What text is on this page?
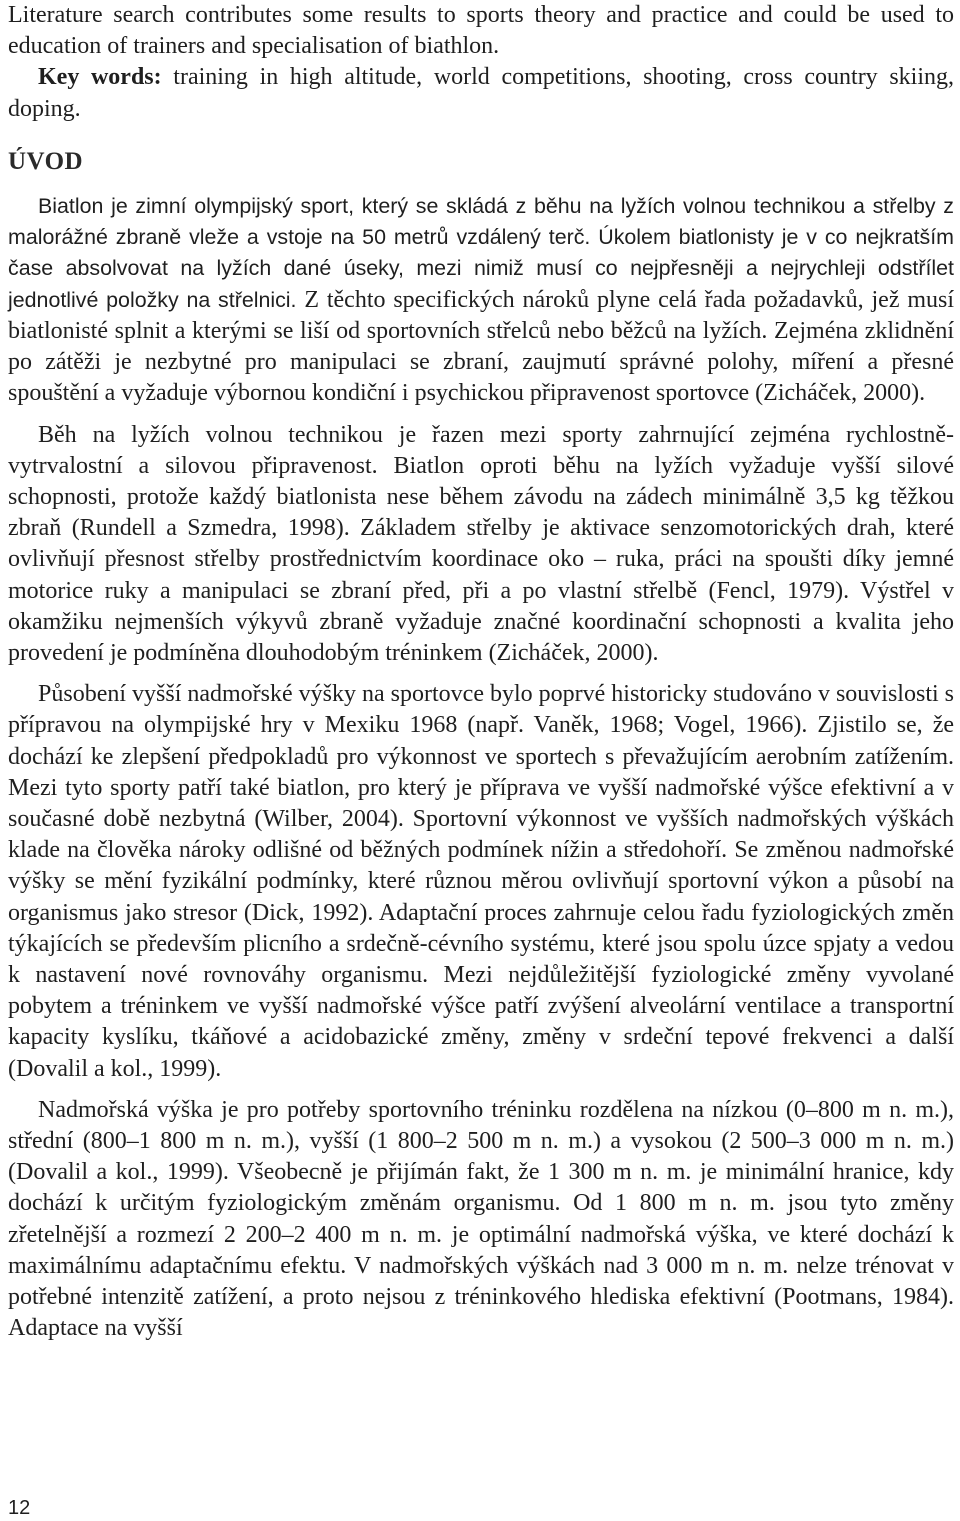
Literature search contributes some results to sports theory and practice and could be used to education of trainers and specialisation of biathlon.

Key words: training in high altitude, world competitions, shooting, cross country skiing, doping.

ÚVOD

Biatlon je zimní olympijský sport, který se skládá z běhu na lyžích volnou technikou a střelby z malorážné zbraně vleže a vstoje na 50 metrů vzdálený terč. Úkolem biatlonisty je v co nejkratším čase absolvovat na lyžích dané úseky, mezi nimiž musí co nejpřesněji a nejrychleji odstřílet jednotlivé položky na střelnici. Z těchto specifických nároků plyne celá řada požadavků, jež musí biatlonisté splnit a kterými se liší od sportovních střelců nebo běžců na lyžích. Zejména zklidnění po zátěži je nezbytné pro manipulaci se zbraní, zaujmutí správné polohy, míření a přesné spouštění a vyžaduje výbornou kondiční i psychickou připravenost sportovce (Zicháček, 2000).

Běh na lyžích volnou technikou je řazen mezi sporty zahrnující zejména rychlostně-vytrvalostní a silovou připravenost. Biatlon oproti běhu na lyžích vyžaduje vyšší silové schopnosti, protože každý biatlonista nese během závodu na zádech minimálně 3,5 kg těžkou zbraň (Rundell a Szmedra, 1998). Základem střelby je aktivace senzomotorických drah, které ovlivňují přesnost střelby prostřednictvím koordinace oko – ruka, práci na spoušti díky jemné motorice ruky a manipulaci se zbraní před, při a po vlastní střelbě (Fencl, 1979). Výstřel v okamžiku nejmenších výkyvů zbraně vyžaduje značné koordinační schopnosti a kvalita jeho provedení je podmíněna dlouhodobým tréninkem (Zicháček, 2000).

Působení vyšší nadmořské výšky na sportovce bylo poprvé historicky studováno v souvislosti s přípravou na olympijské hry v Mexiku 1968 (např. Vaněk, 1968; Vogel, 1966). Zjistilo se, že dochází ke zlepšení předpokladů pro výkonnost ve sportech s převažujícím aerobním zatížením. Mezi tyto sporty patří také biatlon, pro který je příprava ve vyšší nadmořské výšce efektivní a v současné době nezbytná (Wilber, 2004). Sportovní výkonnost ve vyšších nadmořských výškách klade na člověka nároky odlišné od běžných podmínek nížin a středohoří. Se změnou nadmořské výšky se mění fyzikální podmínky, které různou měrou ovlivňují sportovní výkon a působí na organismus jako stresor (Dick, 1992). Adaptační proces zahrnuje celou řadu fyziologických změn týkajících se především plicního a srdečně-cévního systému, které jsou spolu úzce spjaty a vedou k nastavení nové rovnováhy organismu. Mezi nejdůležitější fyziologické změny vyvolané pobytem a tréninkem ve vyšší nadmořské výšce patří zvýšení alveolární ventilace a transportní kapacity kyslíku, tkáňové a acidobazické změny, změny v srdeční tepové frekvenci a další (Dovalil a kol., 1999).

Nadmořská výška je pro potřeby sportovního tréninku rozdělena na nízkou (0–800 m n. m.), střední (800–1 800 m n. m.), vyšší (1 800–2 500 m n. m.) a vysokou (2 500–3 000 m n. m.) (Dovalil a kol., 1999). Všeobecně je přijímán fakt, že 1 300 m n. m. je minimální hranice, kdy dochází k určitým fyziologickým změnám organismu. Od 1 800 m n. m. jsou tyto změny zřetelnější a rozmezí 2 200–2 400 m n. m. je optimální nadmořská výška, ve které dochází k maximálnímu adaptačnímu efektu. V nadmořských výškách nad 3 000 m n. m. nelze trénovat v potřebné intenzitě zatížení, a proto nejsou z tréninkového hlediska efektivní (Pootmans, 1984). Adaptace na vyšší

12
